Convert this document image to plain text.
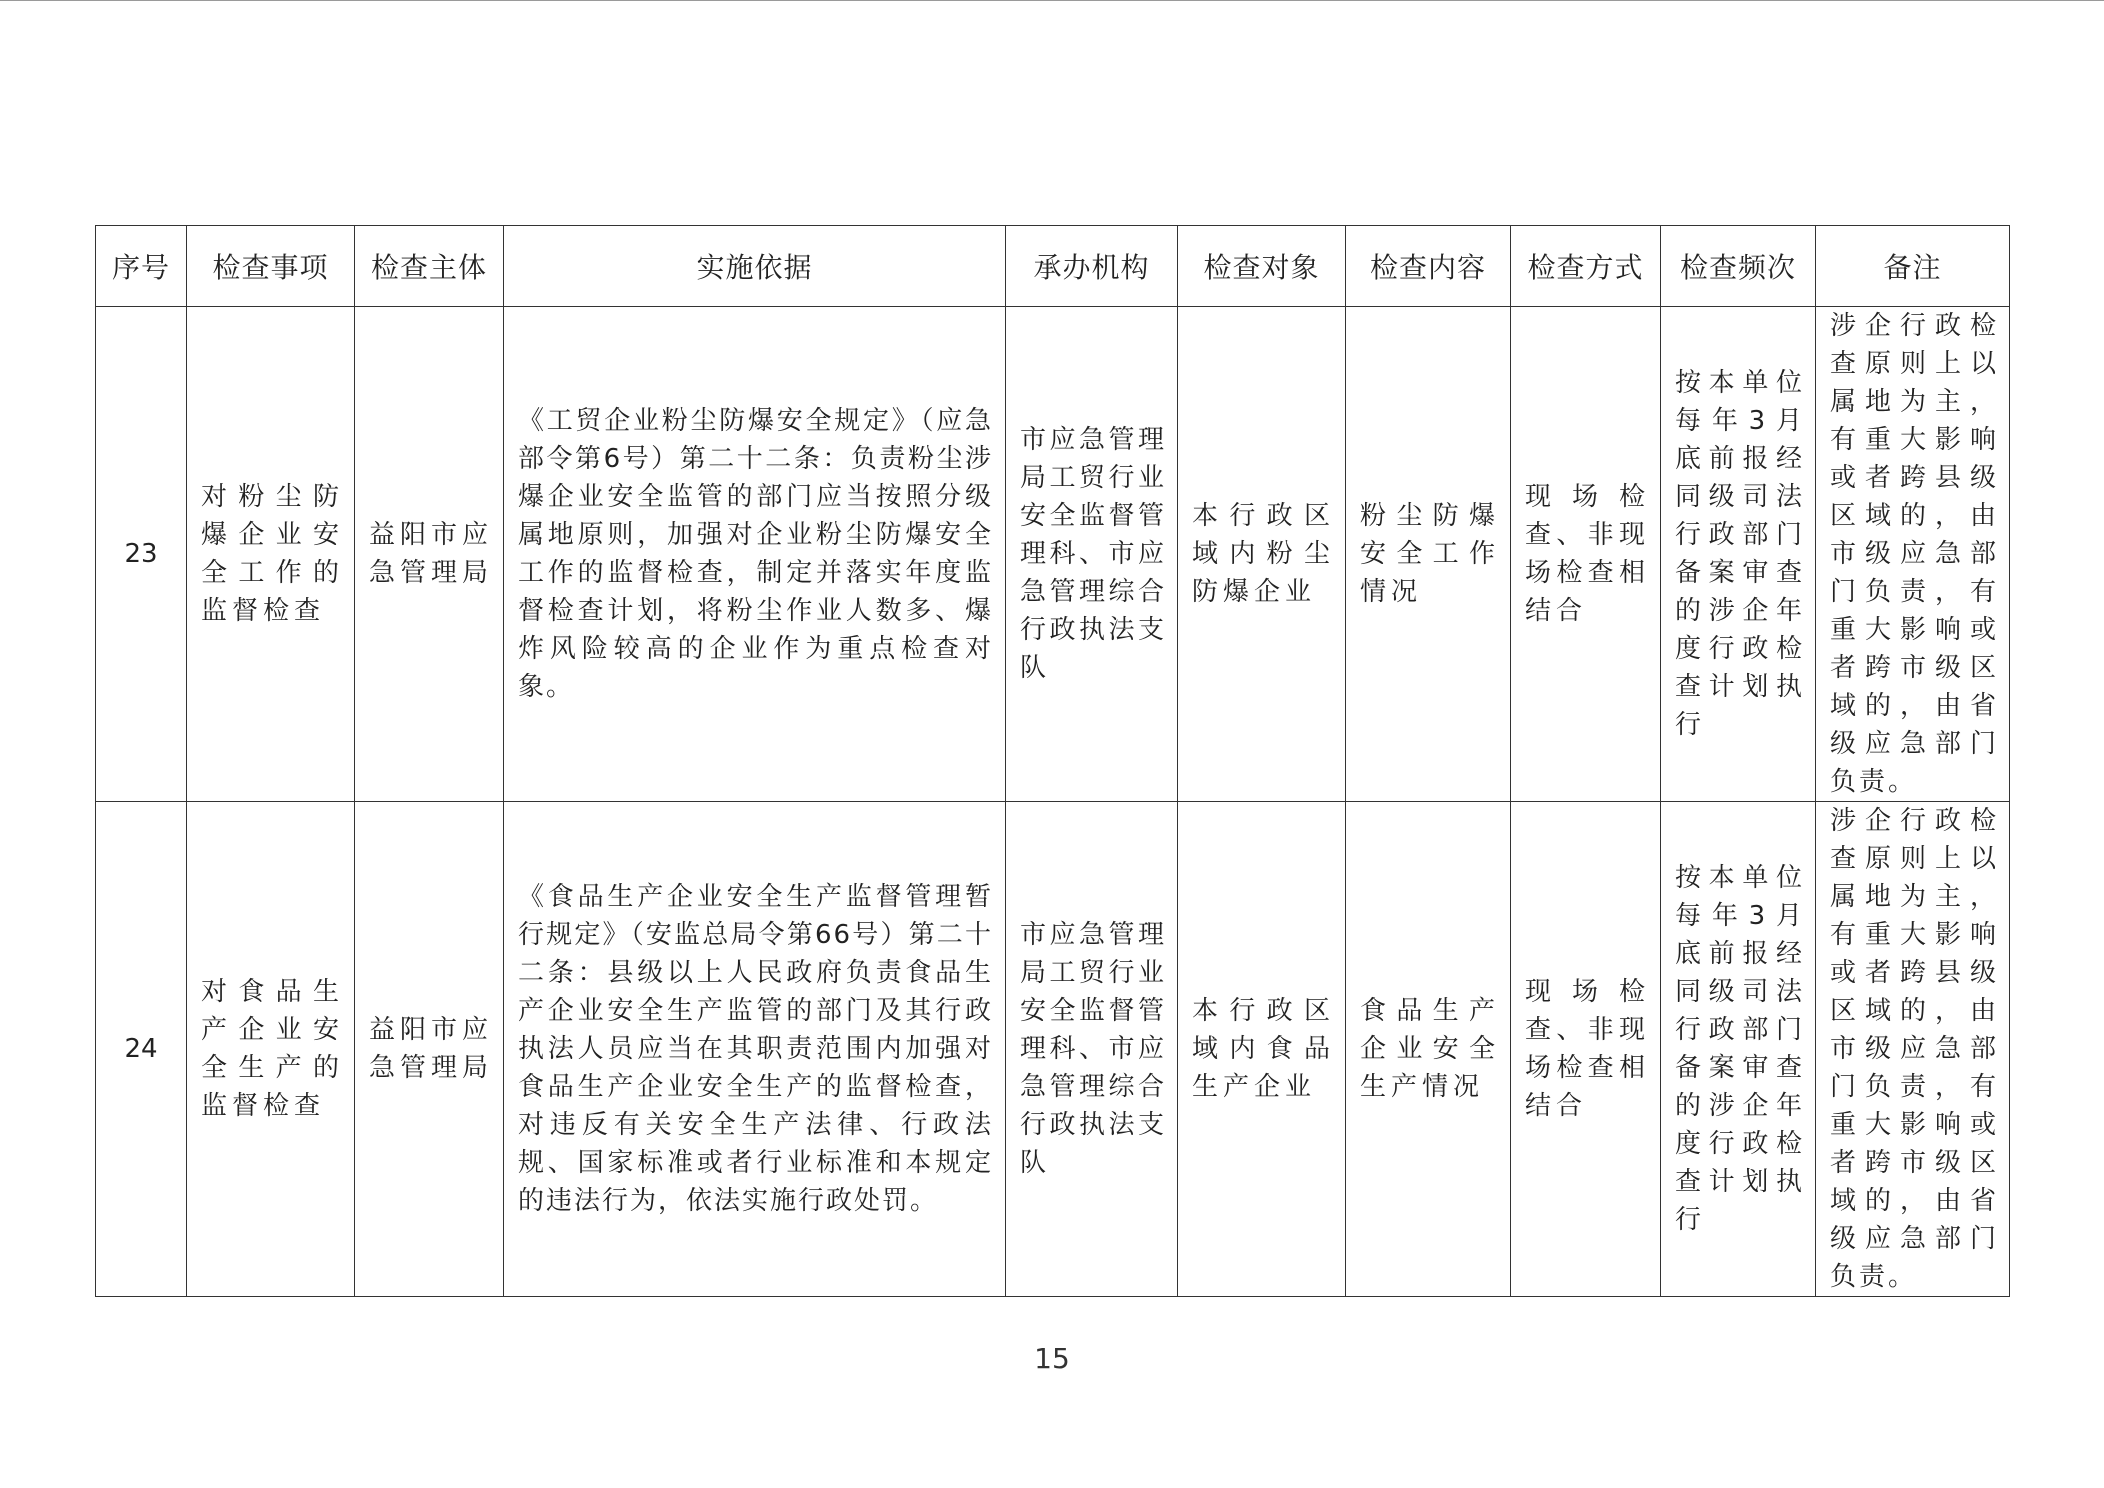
序号	检查事项	检查主体	实施依据	承办机构	检查对象	检查内容	检查方式	检查频次	备注
23	对粉尘防爆企业安全工作的监督检查	益阳市应急管理局	《工贸企业粉尘防爆安全规定》（应急部令第6号）第二十二条：负责粉尘涉爆企业安全监管的部门应当按照分级属地原则，加强对企业粉尘防爆安全工作的监督检查，制定并落实年度监督检查计划，将粉尘作业人数多、爆炸风险较高的企业作为重点检查对象。	市应急管理局工贸行业安全监督管理科、市应急管理综合行政执法支队	本行政区域内粉尘防爆企业	粉尘防爆安全工作情况	现场检查、非现场检查相结合	按本单位每年3月底前报经同级司法行政部门备案审查的涉企年度行政检查计划执行	涉企行政检查原则上以属地为主，有重大影响或者跨县级区域的，由市级应急部门负责，有重大影响或者跨市级区域的，由省级应急部门负责。

24	对食品生产企业安全生产的监督检查	益阳市应急管理局	《食品生产企业安全生产监督管理暂行规定》（安监总局令第66号）第二十二条：县级以上人民政府负责食品生产企业安全生产监管的部门及其行政执法人员应当在其职责范围内加强对食品生产企业安全生产的监督检查，对违反有关安全生产法律、行政法规、国家标准或者行业标准和本规定的违法行为，依法实施行政处罚。	市应急管理局工贸行业安全监督管理科、市应急管理综合行政执法支队	本行政区域内食品生产企业	食品生产企业安全生产情况	现场检查、非现场检查相结合	按本单位每年3月底前报经同级司法行政部门备案审查的涉企年度行政检查计划执行	涉企行政检查原则上以属地为主，有重大影响或者跨县级区域的，由市级应急部门负责，有重大影响或者跨市级区域的，由省级应急部门负责。
15
